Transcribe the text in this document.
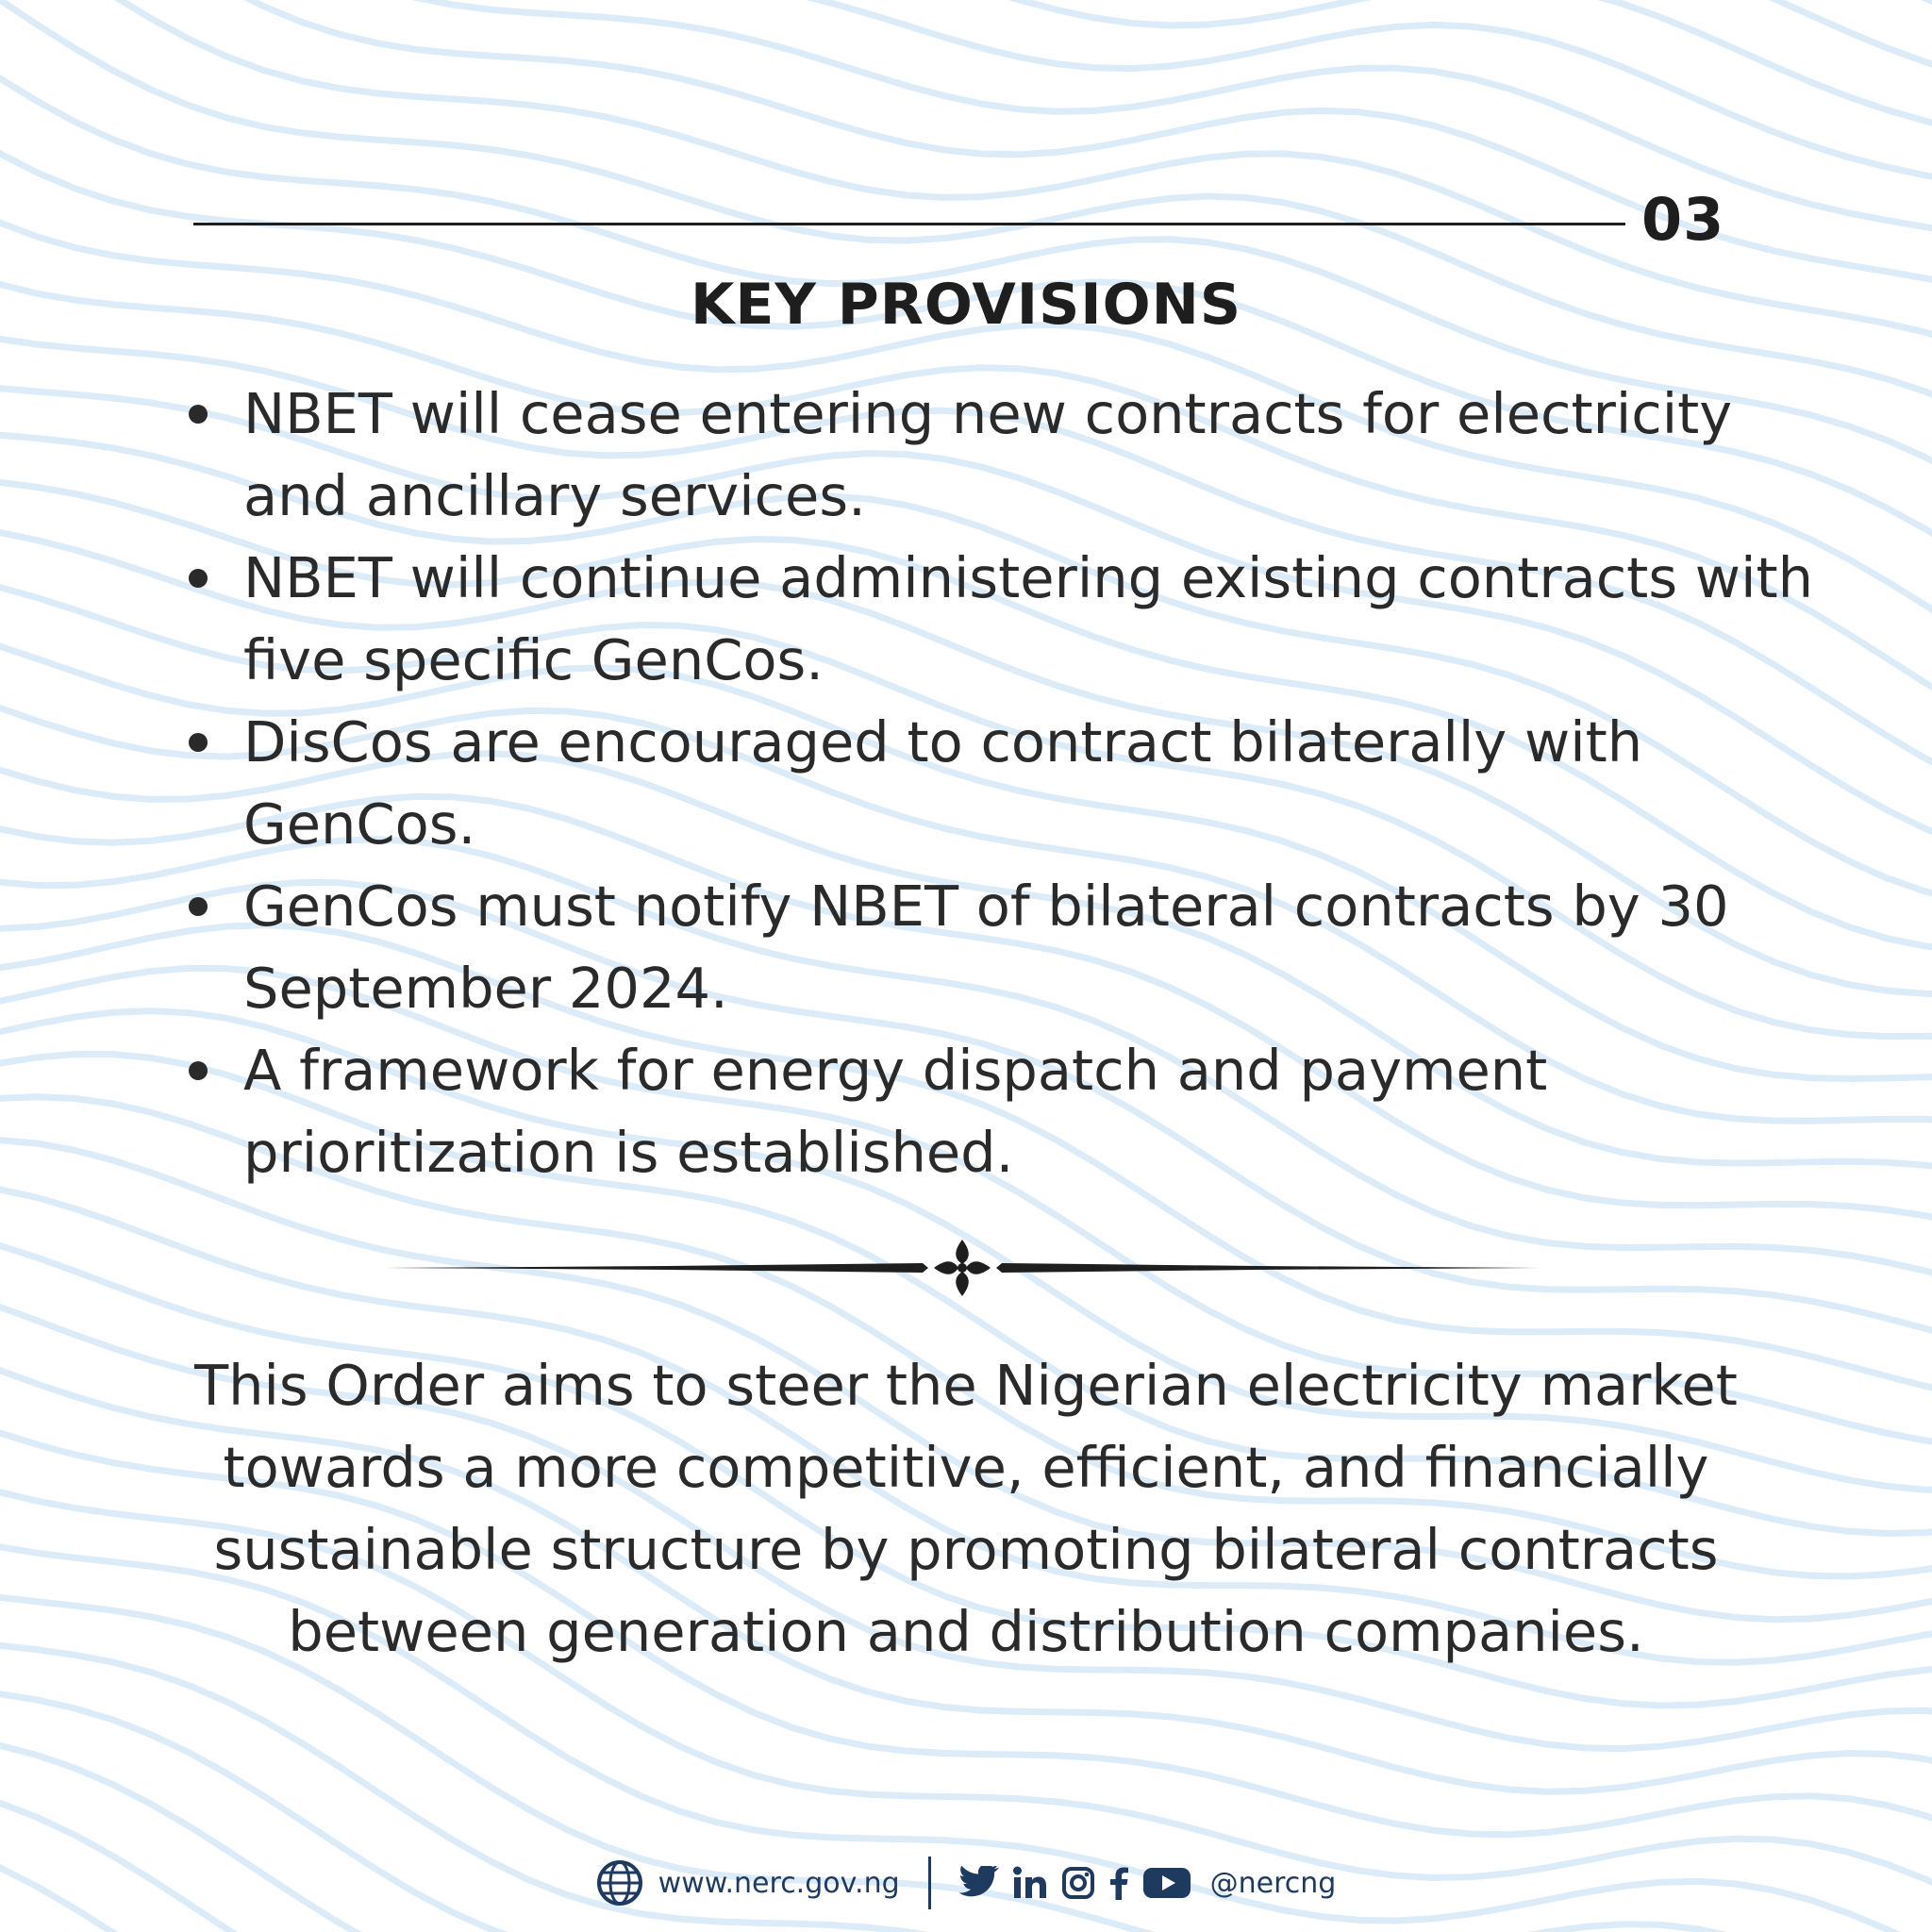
03
KEY PROVISIONS
NBET will cease entering new contracts for electricity and ancillary services.
NBET will continue administering existing contracts with five specific GenCos.
DisCos are encouraged to contract bilaterally with GenCos.
GenCos must notify NBET of bilateral contracts by 30 September 2024.
A framework for energy dispatch and payment prioritization is established.

This Order aims to steer the Nigerian electricity market towards a more competitive, efficient, and financially sustainable structure by promoting bilateral contracts between generation and distribution companies.

www.nerc.gov.ng	@nercng
